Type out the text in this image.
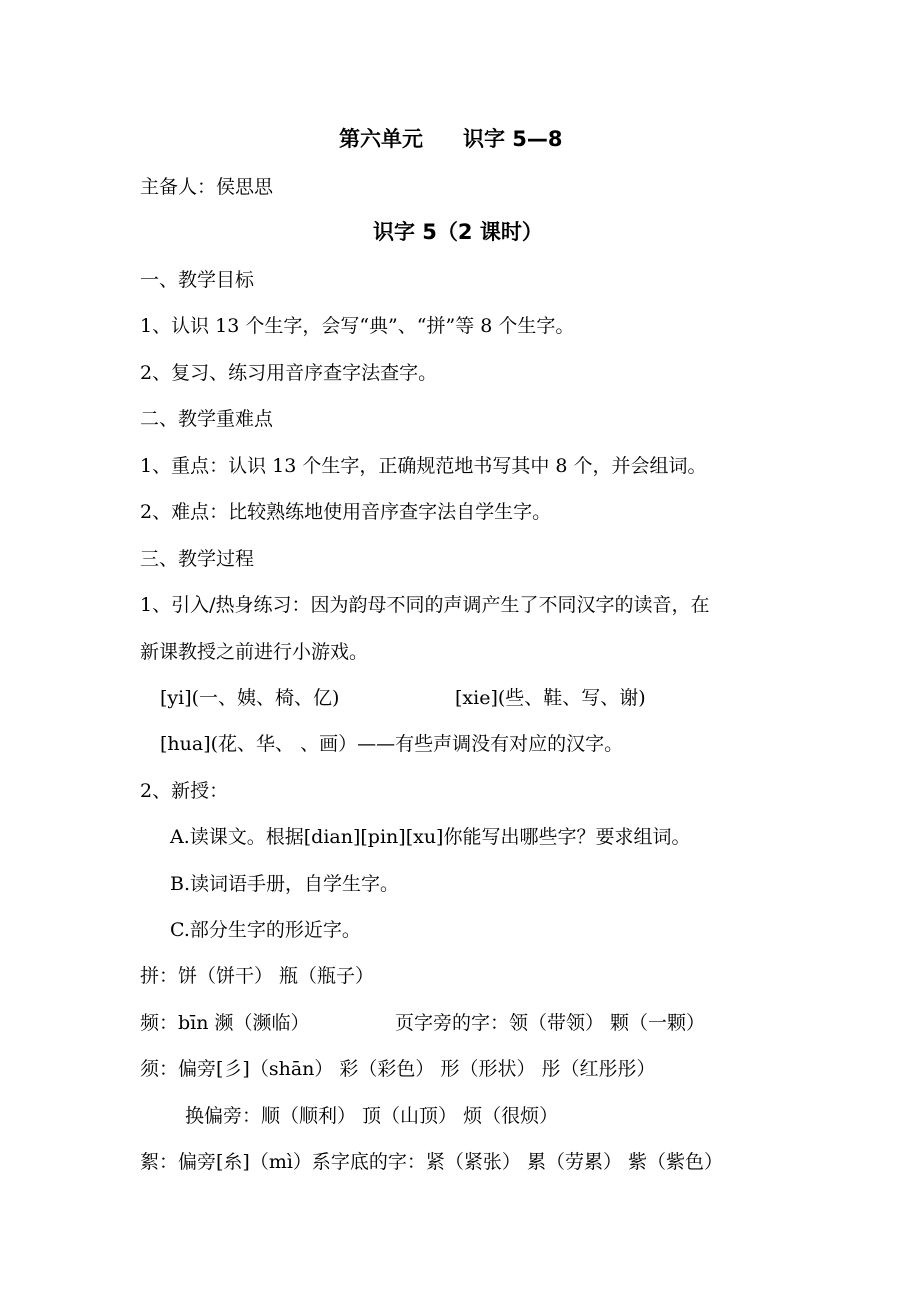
第六单元 识字 5—8
主备人：侯思思
识字 5（2 课时）
一、教学目标
1、认识 13 个生字，会写“典”、“拼”等 8 个生字。
2、复习、练习用音序查字法查字。
二、教学重难点
1、重点：认识 13 个生字，正确规范地书写其中 8 个，并会组词。
2、难点：比较熟练地使用音序查字法自学生字。
三、教学过程
1、引入/热身练习：因为韵母不同的声调产生了不同汉字的读音，在
新课教授之前进行小游戏。
[yi](一、姨、椅、亿)	[xie](些、鞋、写、谢)
[hua](花、华、 、画）——有些声调没有对应的汉字。
2、新授：
A.读课文。根据[dian][pin][xu]你能写出哪些字？要求组词。
B.读词语手册，自学生字。
C.部分生字的形近字。
拼：饼（饼干） 瓶（瓶子）
频：bīn 濒（濒临）	页字旁的字：领（带领） 颗（一颗）
须：偏旁[彡]（shān） 彩（彩色） 形（形状） 彤（红彤彤）
换偏旁：顺（顺利） 顶（山顶） 烦（很烦）
絮：偏旁[糸]（mì）系字底的字：紧（紧张） 累（劳累） 紫（紫色）
